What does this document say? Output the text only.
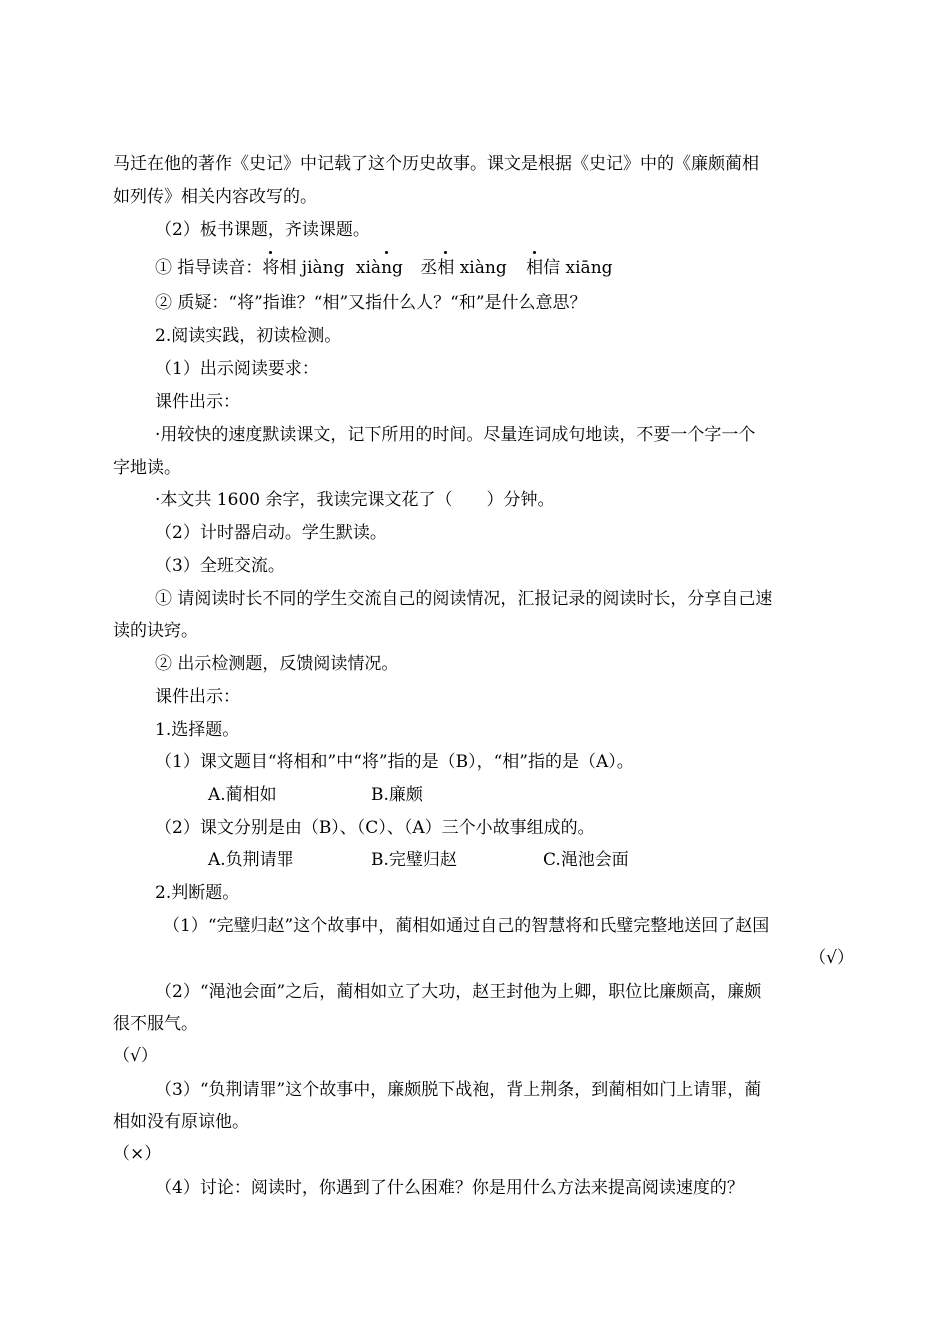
马迁在他的著作《史记》中记载了这个历史故事。课文是根据《史记》中的《廉颇蔺相
如列传》相关内容改写的。
（2）板书课题，齐读课题。
① 指导读音：将相 jiàng xiàng 丞相 xiàng 相信 xiāng
② 质疑：“将”指谁？“相”又指什么人？“和”是什么意思？
2.阅读实践，初读检测。
（1）出示阅读要求：
课件出示：
·用较快的速度默读课文，记下所用的时间。尽量连词成句地读，不要一个字一个
字地读。
·本文共 1600 余字，我读完课文花了（　　）分钟。
（2）计时器启动。学生默读。
（3）全班交流。
① 请阅读时长不同的学生交流自己的阅读情况，汇报记录的阅读时长，分享自己速
读的诀窍。
② 出示检测题，反馈阅读情况。
课件出示：
1.选择题。
（1）课文题目“将相和”中“将”指的是（B），“相”指的是（A）。
A.蔺相如	B.廉颇
（2）课文分别是由（B）、（C）、（A）三个小故事组成的。
A.负荆请罪	B.完璧归赵	C.渑池会面
2.判断题。
（1）“完璧归赵”这个故事中，蔺相如通过自己的智慧将和氏璧完整地送回了赵国
（√）
（2）“渑池会面”之后，蔺相如立了大功，赵王封他为上卿，职位比廉颇高，廉颇
很不服气。
（√）
（3）“负荆请罪”这个故事中，廉颇脱下战袍，背上荆条，到蔺相如门上请罪，蔺
相如没有原谅他。
（×）
（4）讨论：阅读时，你遇到了什么困难？你是用什么方法来提高阅读速度的？
